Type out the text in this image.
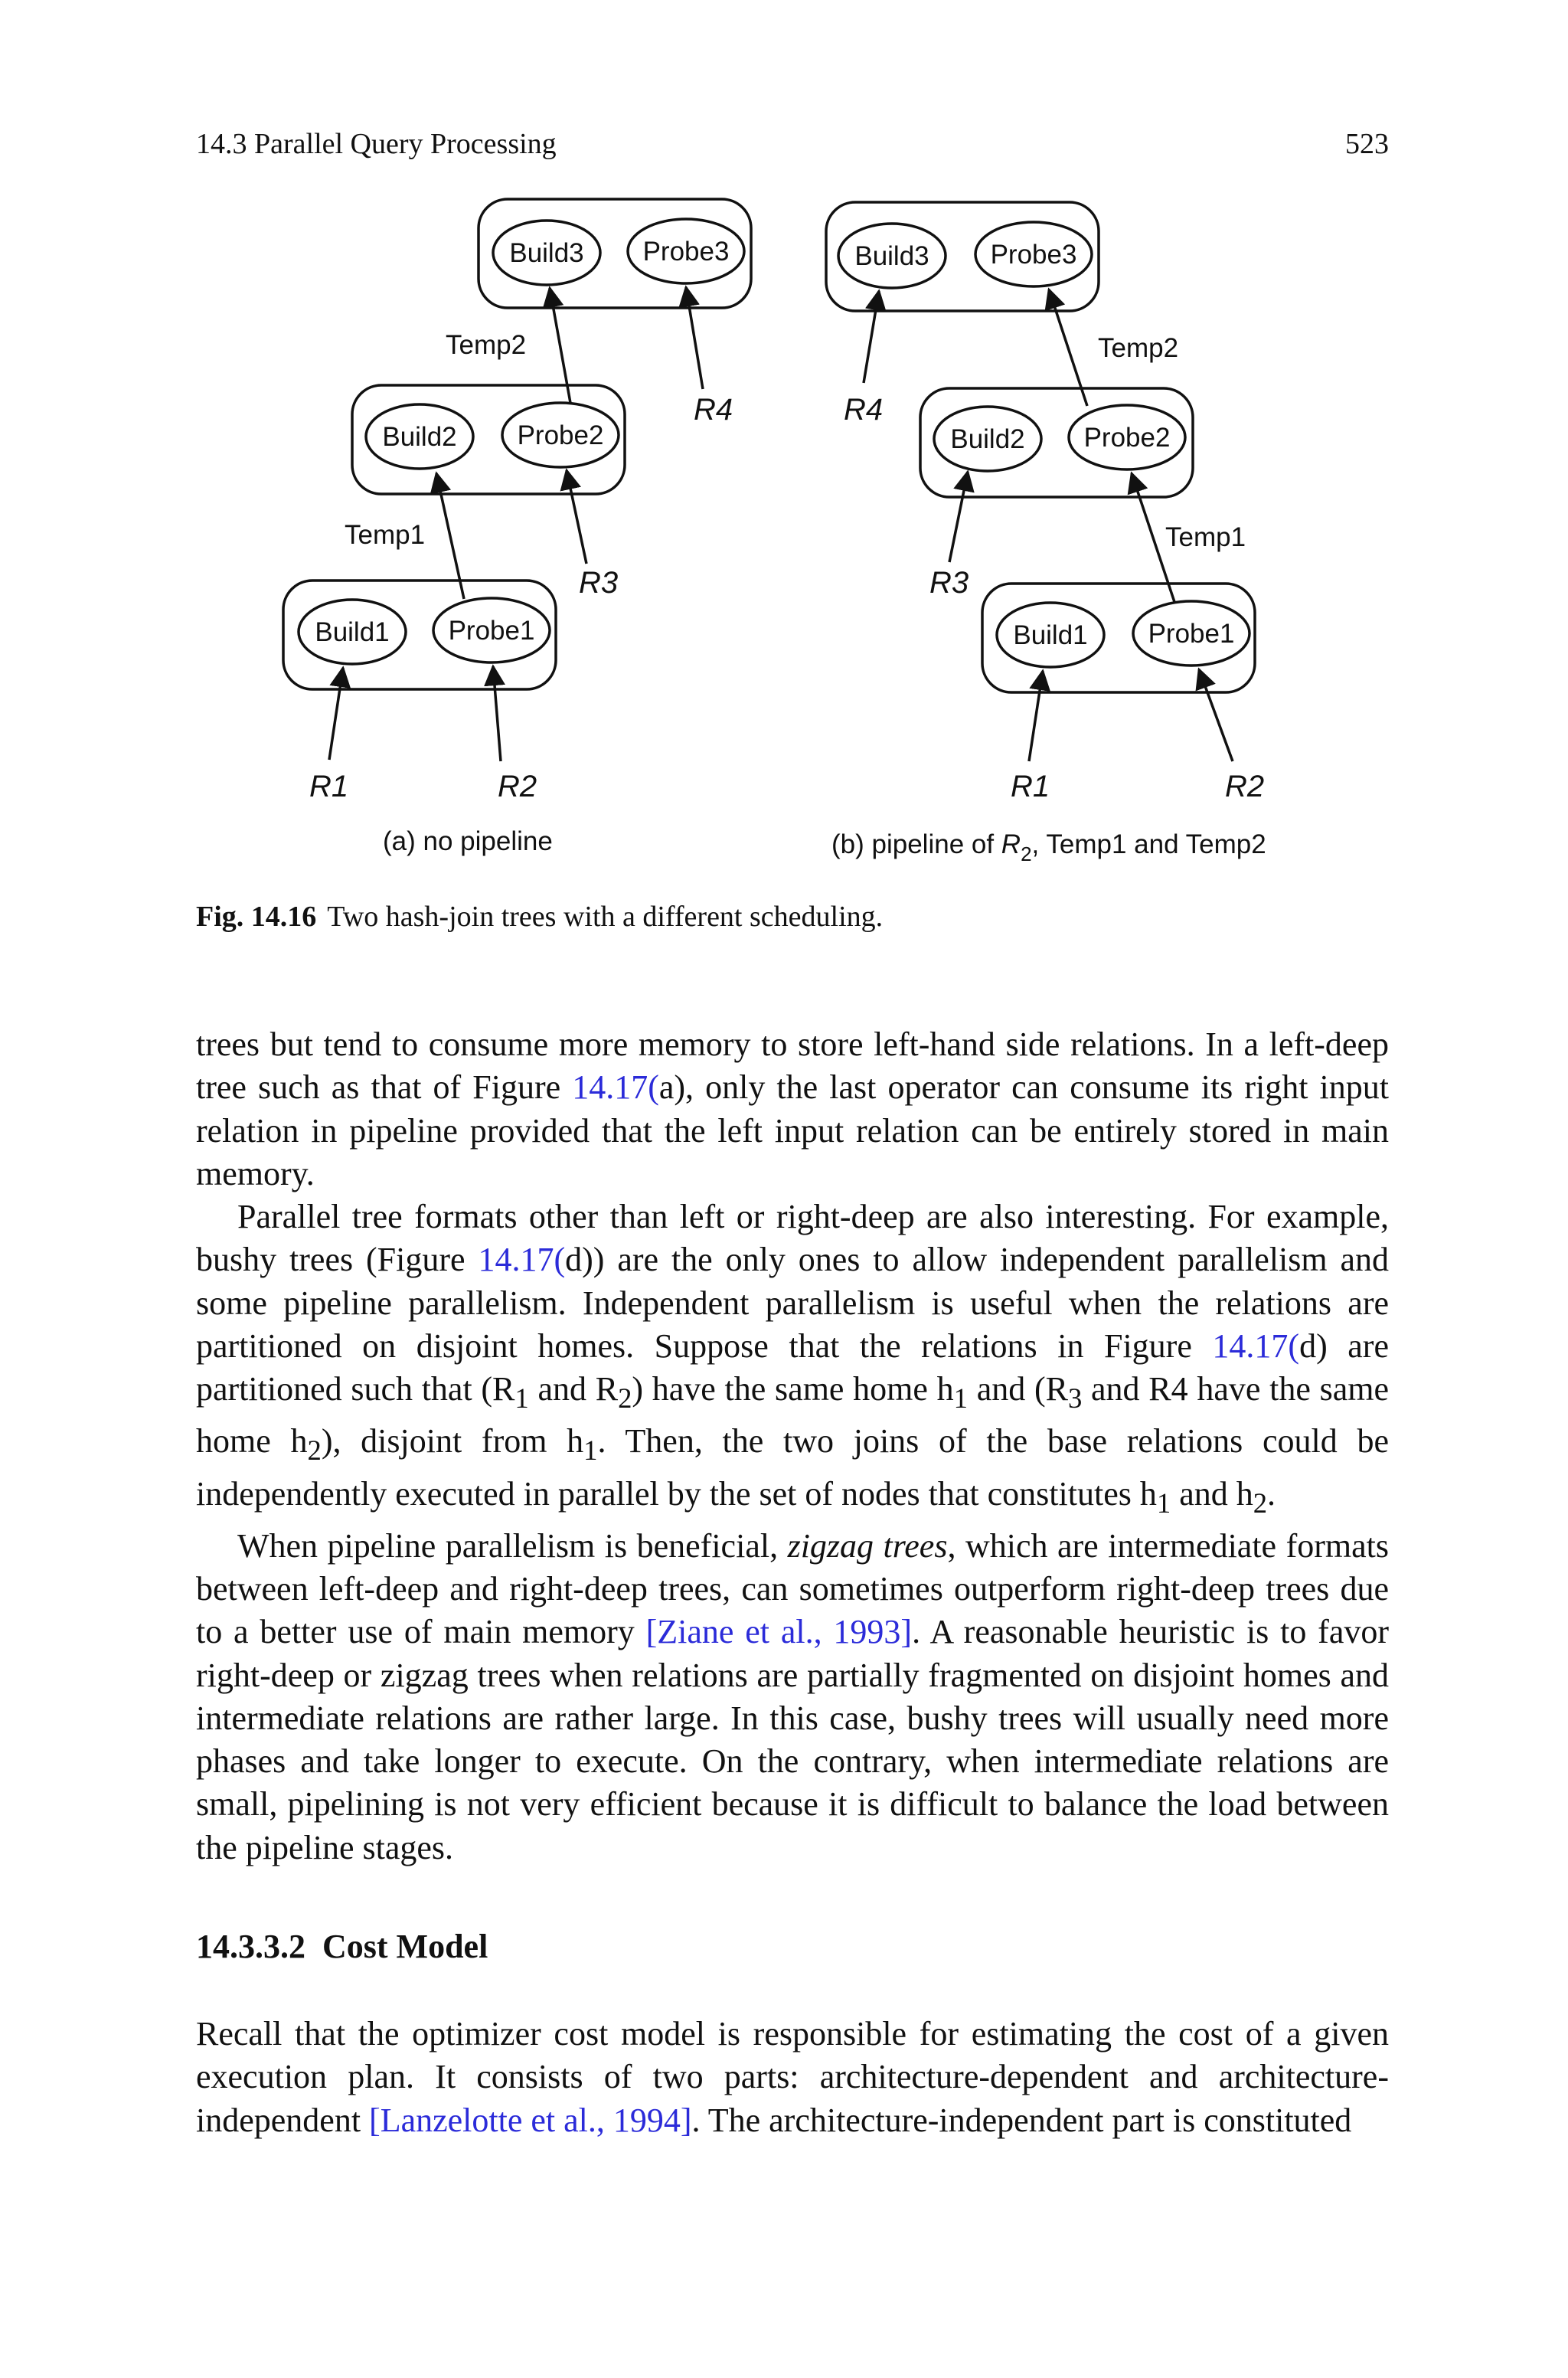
14.3 Parallel Query Processing	523
Build3 Probe3
Build2 Probe2
Build1 Probe1
Temp2
Temp1
R4
R3
R1	R2
(a) no pipeline
Build3 Probe3
Build2 Probe2
Build1 Probe1
Temp2
Temp1
R4
R3
R1	R2
(b) pipeline of $R_2$, Temp1 and Temp2
Fig. 14.16 Two hash-join trees with a different scheduling.

trees but tend to consume more memory to store left-hand side relations. In a left-deep tree such as that of Figure 14.17(a), only the last operator can consume its right input relation in pipeline provided that the left input relation can be entirely stored in main memory.

Parallel tree formats other than left or right-deep are also interesting. For example, bushy trees (Figure 14.17(d)) are the only ones to allow independent parallelism and some pipeline parallelism. Independent parallelism is useful when the relations are partitioned on disjoint homes. Suppose that the relations in Figure 14.17(d) are partitioned such that ($R_1$ and $R_2$) have the same home $h_1$ and ($R_3$ and R4 have the same home $h_2$), disjoint from $h_1$. Then, the two joins of the base relations could be independently executed in parallel by the set of nodes that constitutes $h_1$ and $h_2$.

When pipeline parallelism is beneficial, zigzag trees, which are intermediate formats between left-deep and right-deep trees, can sometimes outperform right-deep trees due to a better use of main memory [Ziane et al., 1993]. A reasonable heuristic is to favor right-deep or zigzag trees when relations are partially fragmented on disjoint homes and intermediate relations are rather large. In this case, bushy trees will usually need more phases and take longer to execute. On the contrary, when intermediate relations are small, pipelining is not very efficient because it is difficult to balance the load between the pipeline stages.

14.3.3.2 Cost Model

Recall that the optimizer cost model is responsible for estimating the cost of a given execution plan. It consists of two parts: architecture-dependent and architecture-independent [Lanzelotte et al., 1994]. The architecture-independent part is constituted
